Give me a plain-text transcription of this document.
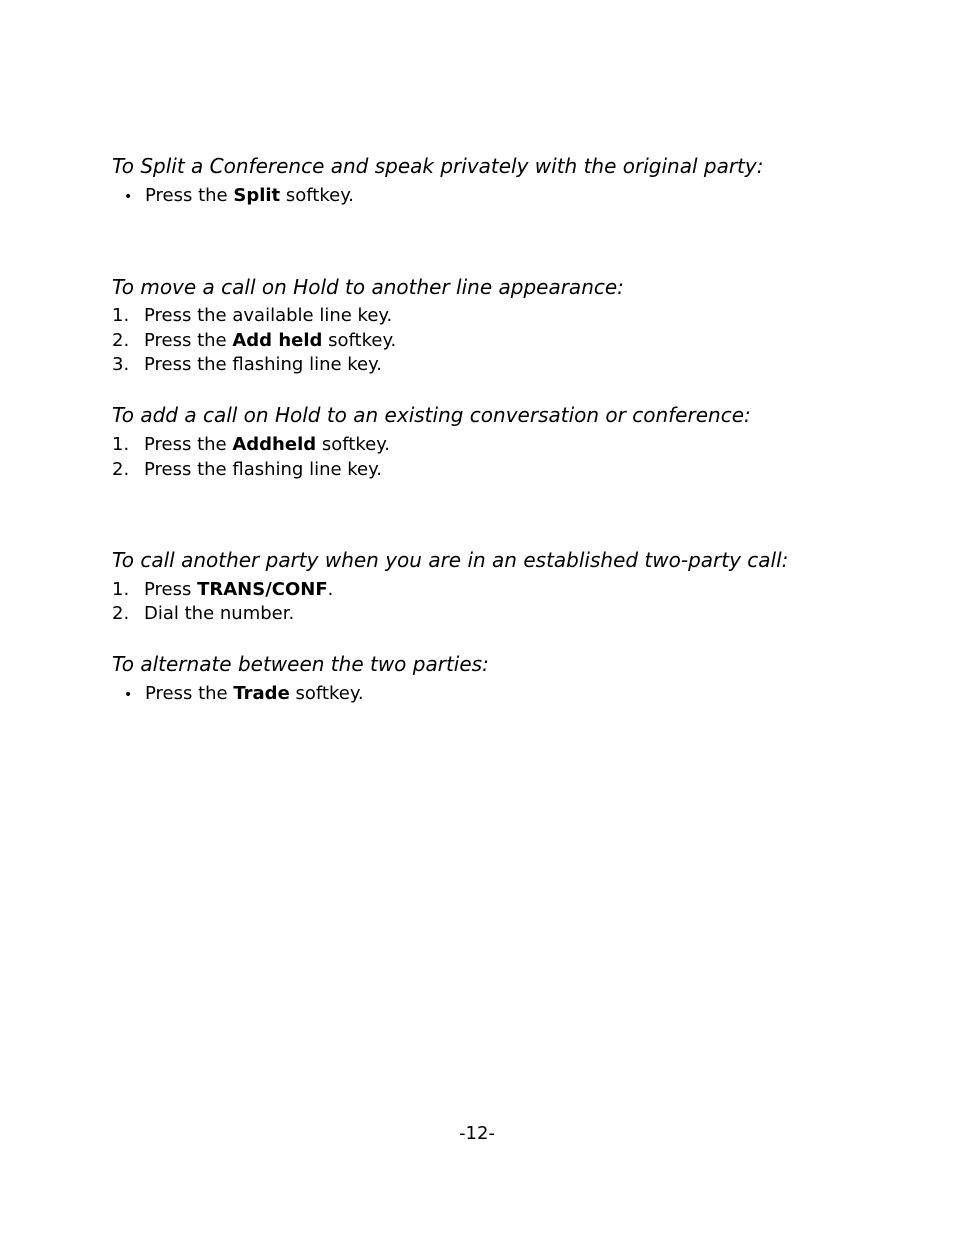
To Split a Conference and speak privately with the original party:
• Press the Split softkey.
To move a call on Hold to another line appearance:
1. Press the available line key.
2. Press the Add held softkey.
3. Press the flashing line key.
To add a call on Hold to an existing conversation or conference:
1. Press the Addheld softkey.
2. Press the flashing line key.
To call another party when you are in an established two-party call:
1. Press TRANS/CONF.
2. Dial the number.
To alternate between the two parties:
• Press the Trade softkey.
-12-
